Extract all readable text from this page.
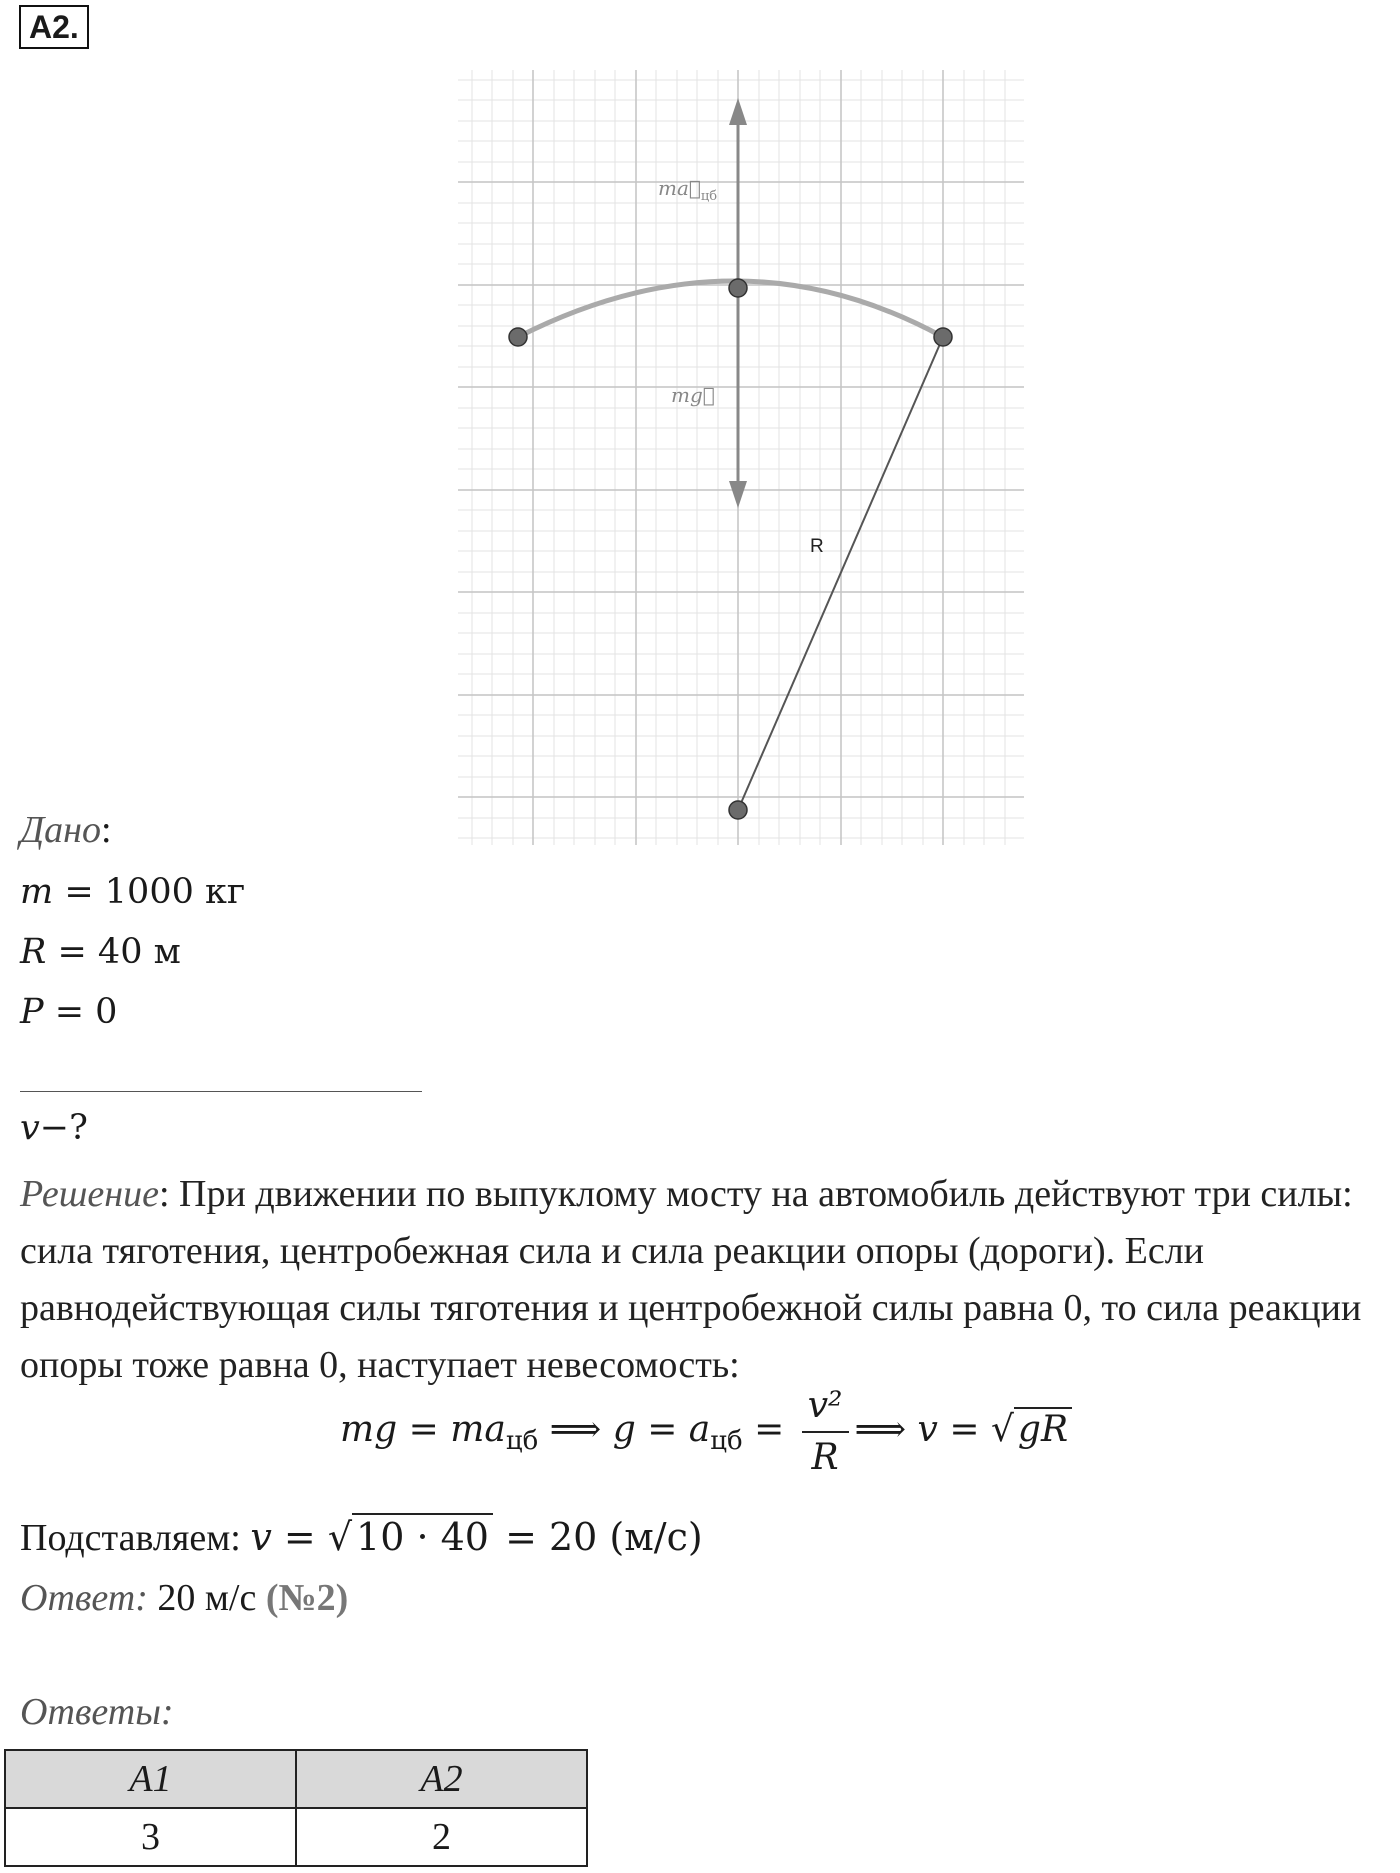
А2.
$ma⃗_{цб}$
mg⃗
R
Дано:
m = 1000 кг
R = 40 м
P = 0
v−?
Решение: При движении по выпуклому мосту на автомобиль действуют три силы: сила тяготения, центробежная сила и сила реакции опоры (дороги). Если равнодействующая силы тяготения и центробежной силы равна 0, то сила реакции опоры тоже равна 0, наступает невесомость:
mg = $ma_{цб}$ ⟹ $g = a_{цб} = \frac{\text{v²}}{R}$ ⟹ v = √ gR
Подставляем: v = √ 10 · 40 = 20 (м/с)
Ответ: 20 м/с (№2)
Ответы:
А1	А2
3	2
